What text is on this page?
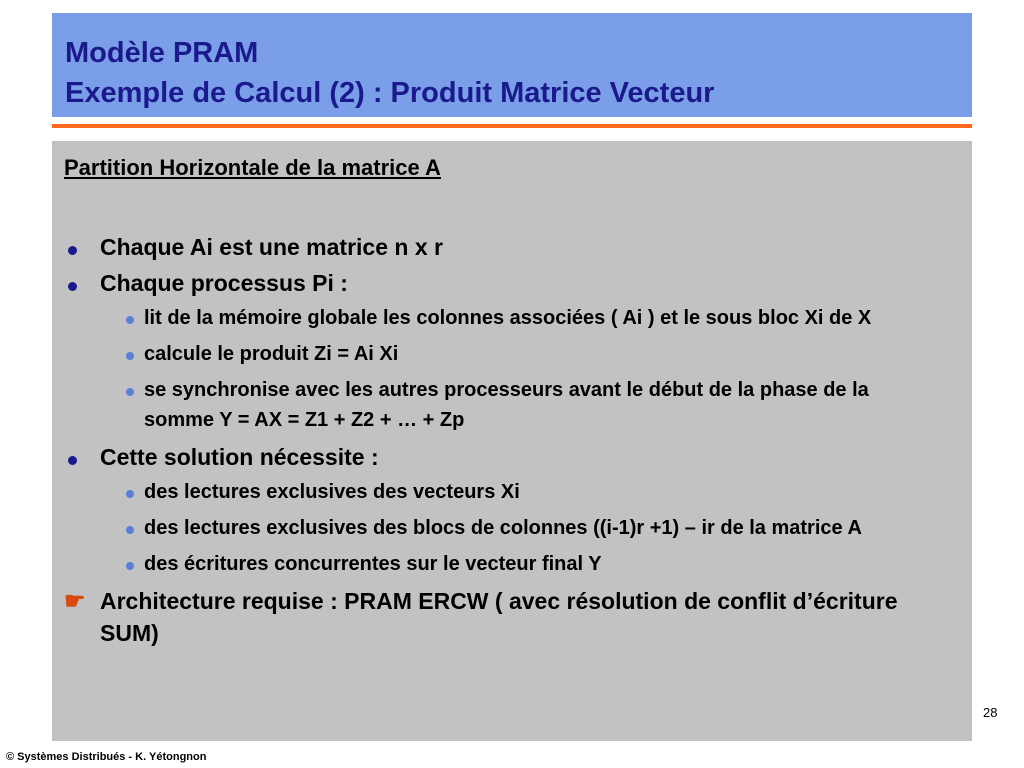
Modèle PRAM
Exemple de Calcul (2) : Produit Matrice Vecteur
Partition Horizontale de la matrice A
Chaque Ai est une matrice n x r
Chaque processus Pi :
lit de la mémoire globale les colonnes associées ( Ai ) et le sous bloc Xi de X
calcule le produit Zi = Ai Xi
se synchronise avec les autres processeurs avant le début de la phase de la somme Y = AX = Z1 + Z2 + … + Zp
Cette solution nécessite :
des lectures exclusives des vecteurs Xi
des lectures exclusives des blocs de colonnes ((i-1)r +1) – ir de la matrice A
des écritures concurrentes sur le vecteur final Y
☛ Architecture requise : PRAM ERCW ( avec résolution de conflit d’écriture SUM)
28
© Systèmes Distribués - K. Yétongnon
